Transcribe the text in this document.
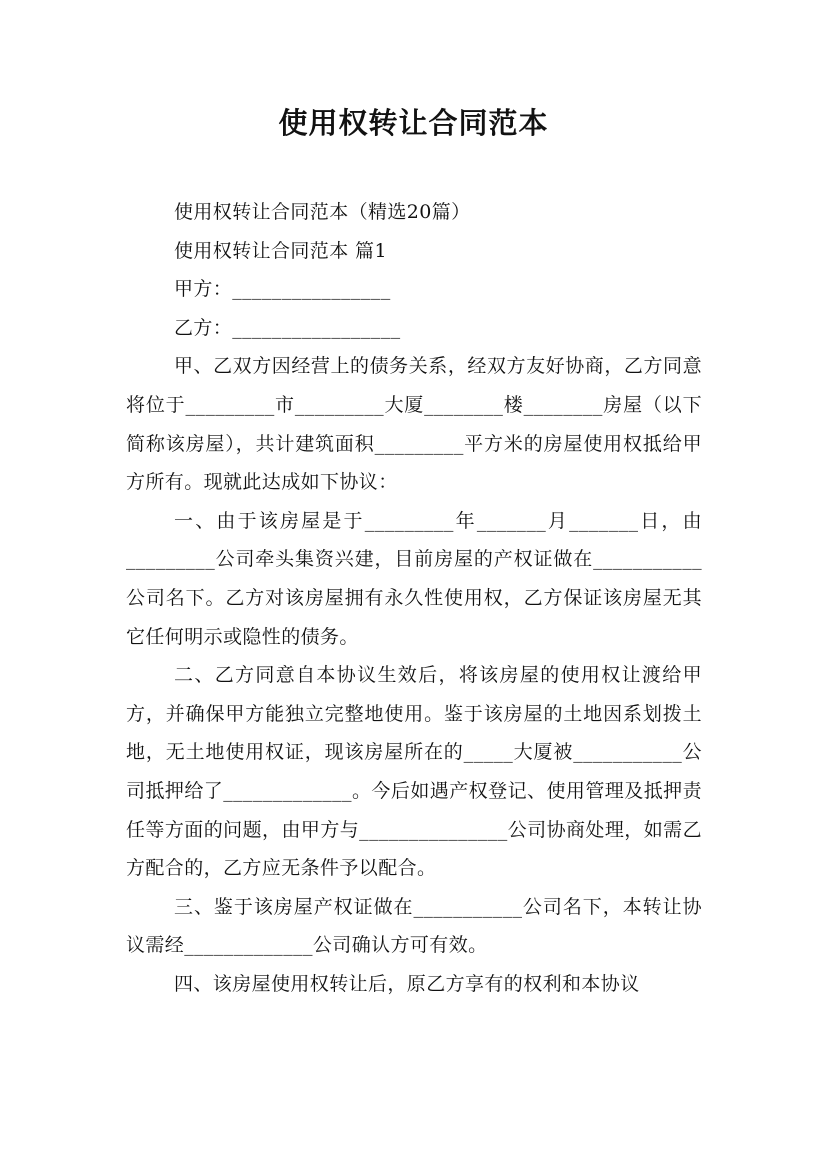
使用权转让合同范本

使用权转让合同范本（精选20篇）

使用权转让合同范本 篇1

甲方：________________

乙方：_________________

甲、乙双方因经营上的债务关系，经双方友好协商，乙方同意将位于_________市_________大厦________楼________房屋（以下简称该房屋），共计建筑面积_________平方米的房屋使用权抵给甲方所有。现就此达成如下协议：

一、由于该房屋是于_________年_______月_______日，由_________公司牵头集资兴建，目前房屋的产权证做在___________公司名下。乙方对该房屋拥有永久性使用权，乙方保证该房屋无其它任何明示或隐性的债务。

二、乙方同意自本协议生效后，将该房屋的使用权让渡给甲方，并确保甲方能独立完整地使用。鉴于该房屋的土地因系划拨土地，无土地使用权证，现该房屋所在的_____大厦被___________公司抵押给了_____________。今后如遇产权登记、使用管理及抵押责任等方面的问题，由甲方与_______________公司协商处理，如需乙方配合的，乙方应无条件予以配合。

三、鉴于该房屋产权证做在___________公司名下，本转让协议需经_____________公司确认方可有效。

四、该房屋使用权转让后，原乙方享有的权利和本协议
